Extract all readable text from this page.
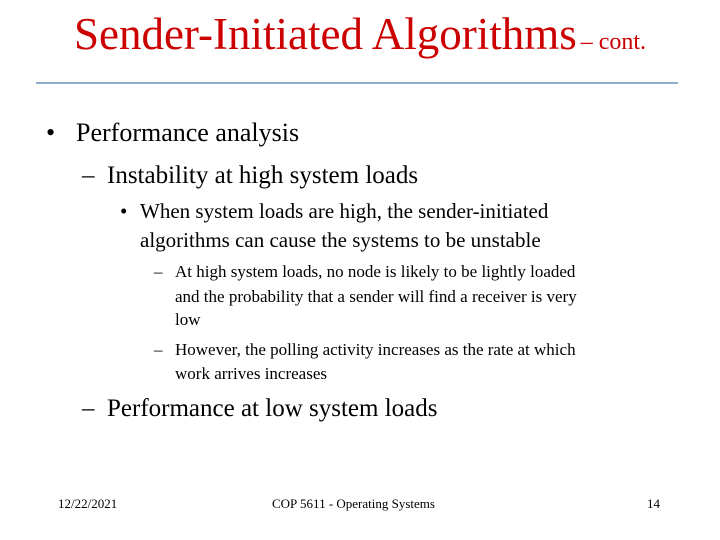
Sender-Initiated Algorithms – cont.
• Performance analysis
– Instability at high system loads
• When system loads are high, the sender-initiated
algorithms can cause the systems to be unstable
– At high system loads, no node is likely to be lightly loaded
and the probability that a sender will find a receiver is very
low
– However, the polling activity increases as the rate at which
work arrives increases
– Performance at low system loads
12/22/2021	COP 5611 - Operating Systems	14
